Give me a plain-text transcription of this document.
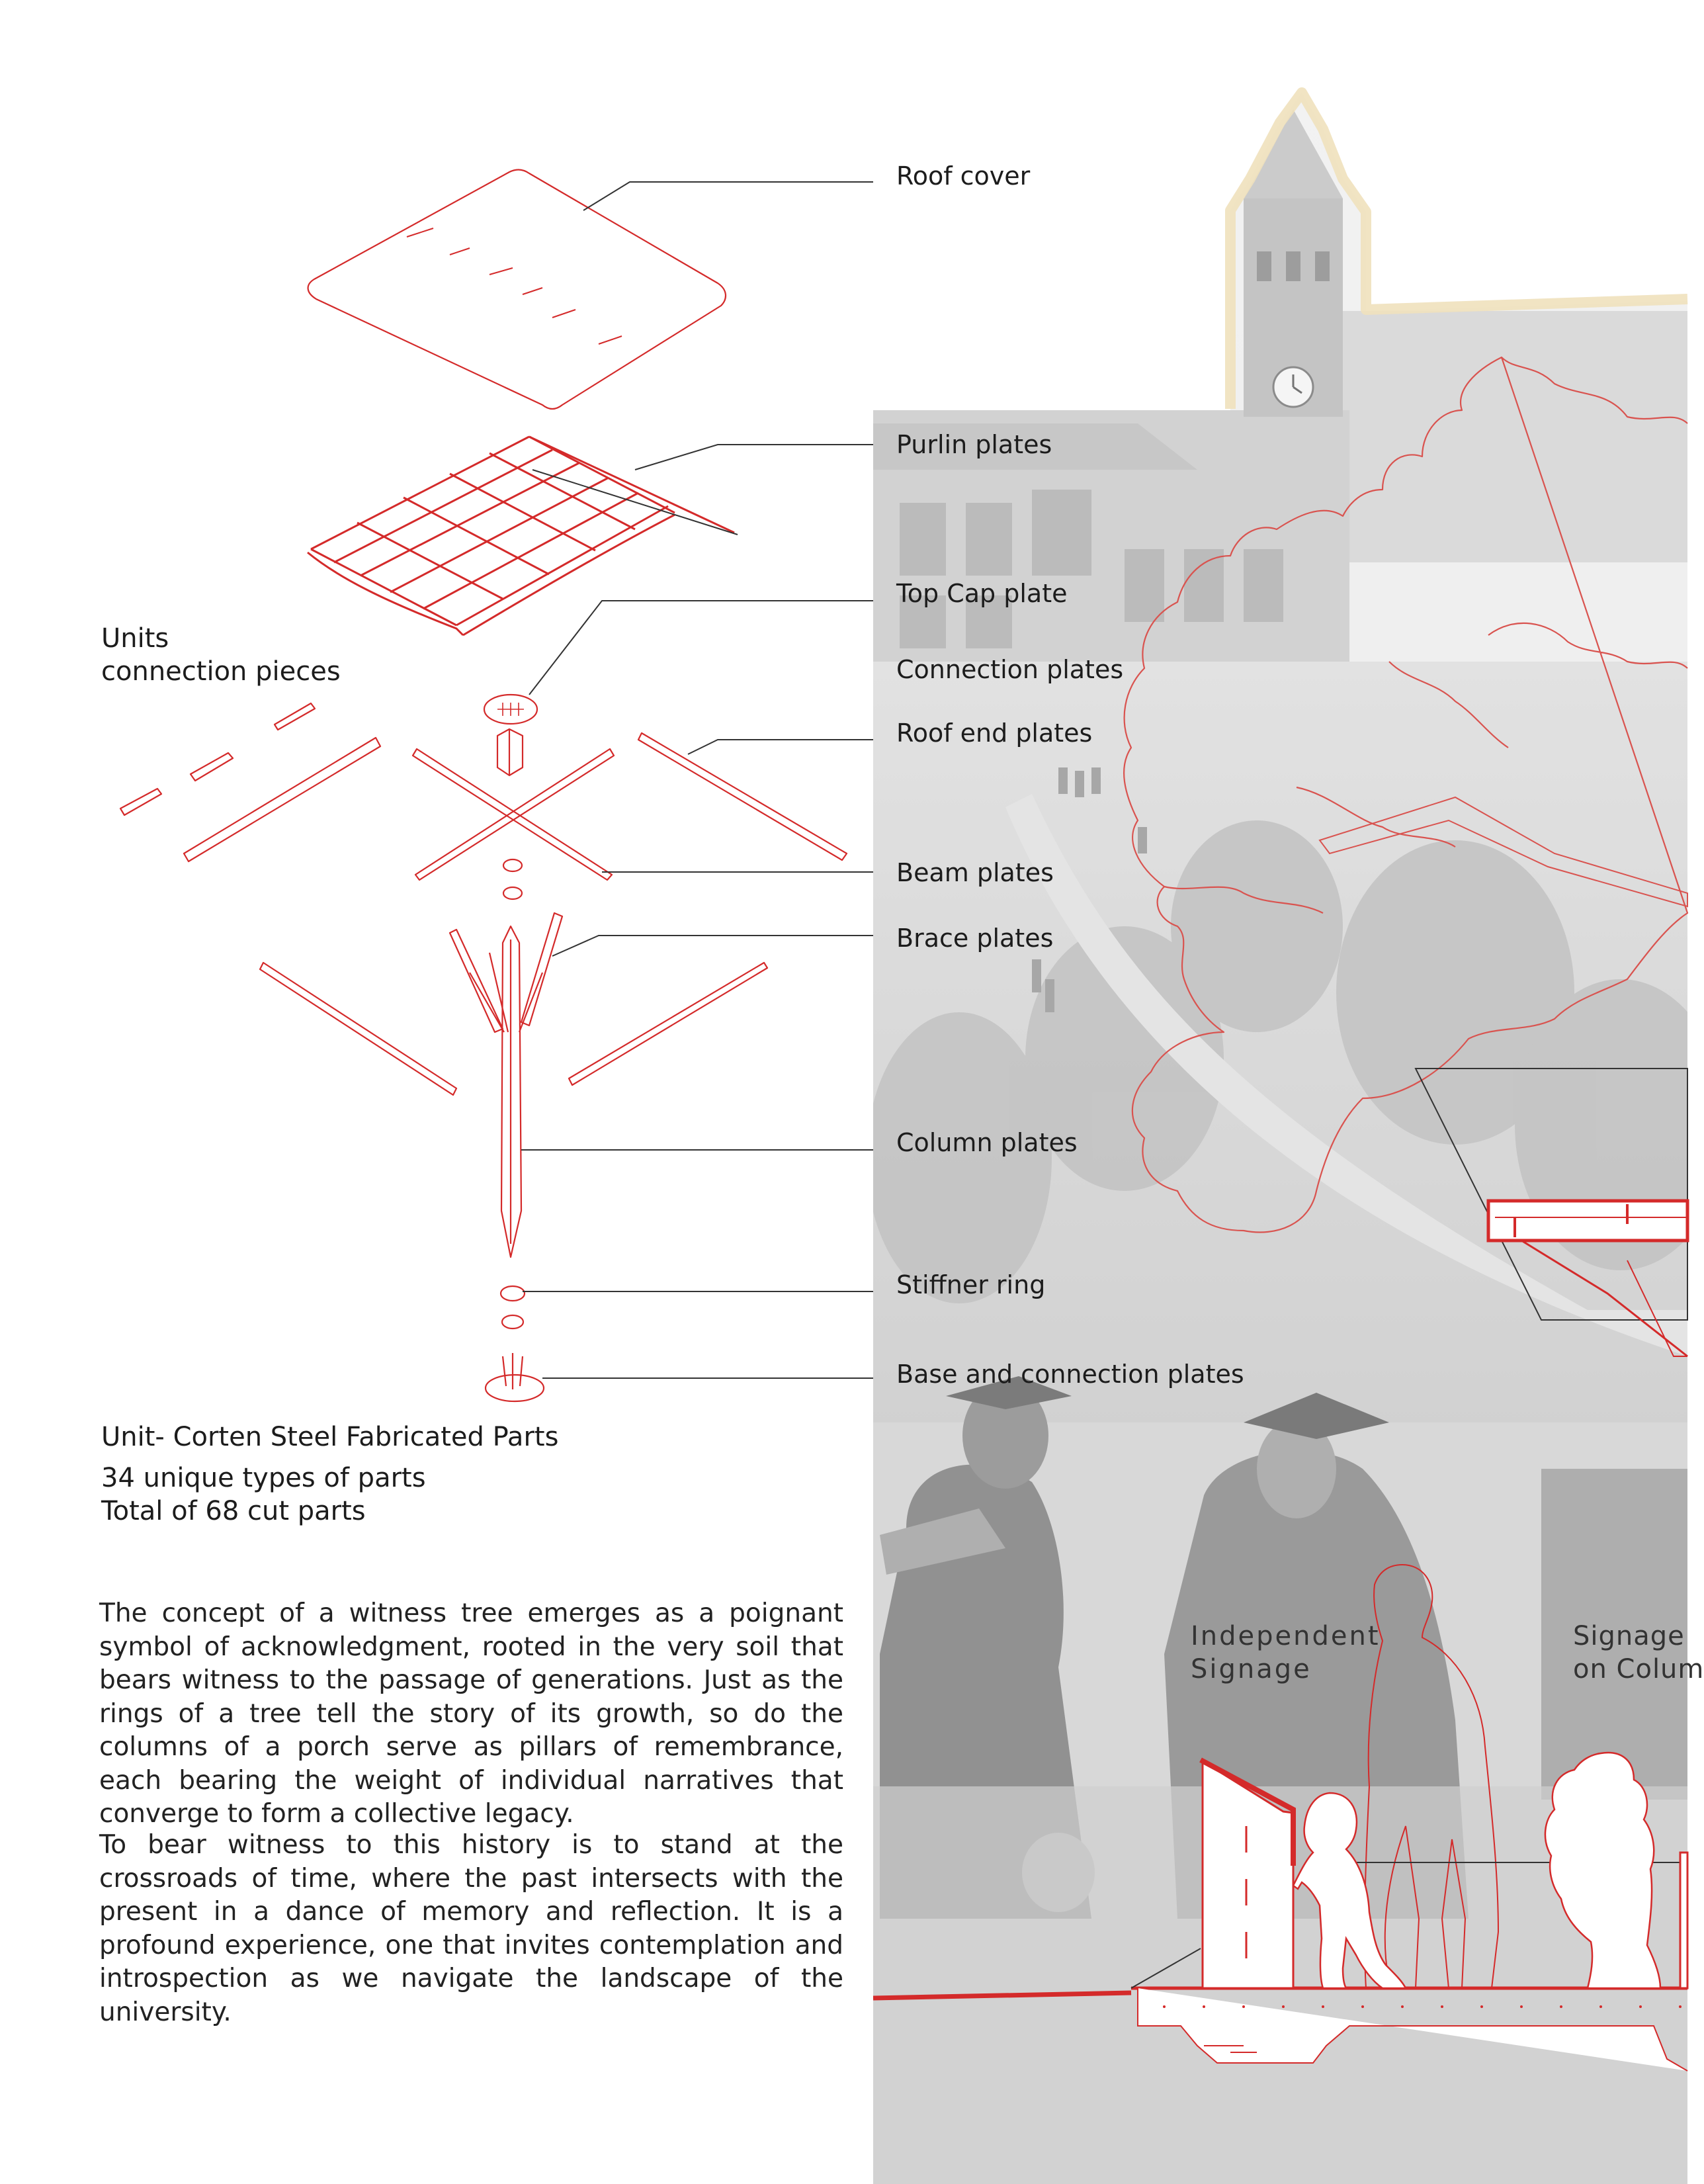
Roof cover
Purlin plates
Top Cap plate
Connection plates
Roof end plates
Beam plates
Brace plates
Column plates
Stiffner ring
Base and connection plates
Units
connection pieces
Unit- Corten Steel Fabricated Parts
34 unique types of parts
Total of 68 cut parts
The concept of a witness tree emerges as a poignant symbol of acknowledgment, rooted in the very soil that bears witness to the passage of generations. Just as the rings of a tree tell the story of its growth, so do the columns of a porch serve as pillars of remembrance, each bearing the weight of individual narratives that converge to form a collective legacy.
To bear witness to this history is to stand at the crossroads of time, where the past intersects with the present in a dance of memory and reflection. It is a profound experience, one that invites contemplation and introspection as we navigate the landscape of the university.
Independent
Signage
Signage
on Colum
